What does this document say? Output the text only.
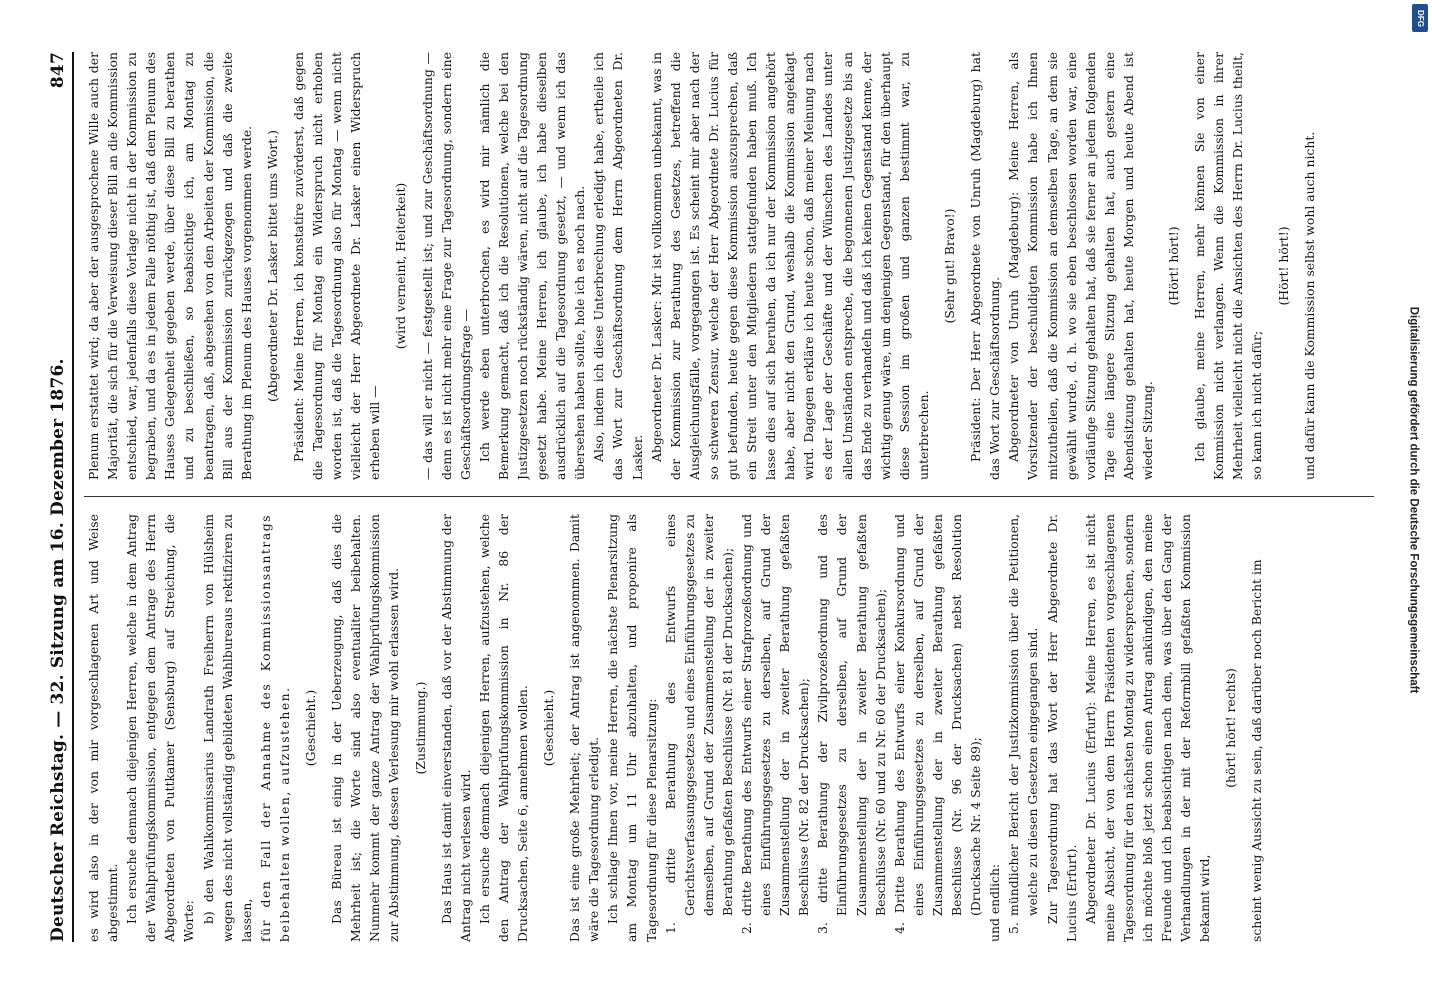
Deutscher Reichstag. — 32. Sitzung am 16. Dezember 1876.
847

es wird also in der von mir vorgeschlagenen Art und Weise abgestimmt. Ich ersuche demnach diejenigen Herren, welche in dem Antrag der Wahlprüfungskommission, entgegen dem Antrage des Herrn Abgeordneten von Puttkamer (Sensburg) auf Streichung, die Worte: b) den Wahlkommissarius Landrath Freiherrn von Hülsheim wegen des nicht vollständig gebildeten Wahlbureaus rektifiziren zu lassen, für den Fall der Annahme des Kommissionsantrags beibehalten wollen, aufzustehen. (Geschieht.) Das Büreau ist einig in der Ueberzeugung, daß dies die Mehrheit ist; die Worte sind also eventualiter beibehalten. Nunmehr kommt der ganze Antrag der Wahlprüfungskommission zur Abstimmung, dessen Verlesung mir wohl erlassen wird. (Zustimmung.) Das Haus ist damit einverstanden, daß vor der Abstimmung der Antrag nicht verlesen wird. Ich ersuche demnach diejenigen Herren, aufzustehen, welche den Antrag der Wahlprüfungskommission in Nr. 86 der Drucksachen, Seite 6, annehmen wollen. (Geschieht.) Das ist eine große Mehrheit; der Antrag ist angenommen. Damit wäre die Tagesordnung erledigt. Ich schlage Ihnen vor, meine Herren, die nächste Plenarsitzung am Montag um 11 Uhr abzuhalten, und proponire als Tagesordnung für diese Plenarsitzung: 1. dritte Berathung des Entwurfs eines Gerichtsverfassungsgesetzes und eines Einführungsgesetzes zu demselben, auf Grund der Zusammenstellung der in zweiter Berathung gefaßten Beschlüsse (Nr. 81 der Drucksachen); 2. dritte Berathung des Entwurfs einer Strafprozeßordnung und eines Einführungsgesetzes zu derselben, auf Grund der Zusammenstellung der in zweiter Berathung gefaßten Beschlüsse (Nr. 82 der Drucksachen); 3. dritte Berathung der Zivilprozeßordnung und des Einführungsgesetzes zu derselben, auf Grund der Zusammenstellung der in zweiter Berathung gefaßten Beschlüsse (Nr. 60 und zu Nr. 60 der Drucksachen); 4. Dritte Berathung des Entwurfs einer Konkursordnung und eines Einführungsgesetzes zu derselben, auf Grund der Zusammenstellung der in zweiter Berathung gefaßten Beschlüsse (Nr. 96 der Drucksachen) nebst Resolution (Drucksache Nr. 4 Seite 89); und endlich: 5. mündlicher Bericht der Justizkommission über die Petitionen, welche zu diesen Gesetzen eingegangen sind. Zur Tagesordnung hat das Wort der Herr Abgeordnete Dr. Lucius (Erfurt). Abgeordneter Dr. Lucius (Erfurt): Meine Herren, es ist nicht meine Absicht, der von dem Herrn Präsidenten vorgeschlagenen Tagesordnung für den nächsten Montag zu widersprechen, sondern ich möchte bloß jetzt schon einen Antrag ankündigen, den meine Freunde und ich beabsichtigen nach dem, was über den Gang der Verhandlungen in der mit der Reformbill gefaßten Kommission bekannt wird,

(hört! hört! rechts) scheint wenig Aussicht zu sein, daß darüber noch Bericht im

Plenum erstattet wird; da aber der ausgesprochene Wille auch der Majorität, die sich für die Verweisung dieser Bill an die Kommission entschied, war, jedenfalls diese Vorlage nicht in der Kommission zu begraben, und da es in jedem Falle nöthig ist, daß dem Plenum des Hauses Gelegenheit gegeben werde, über diese Bill zu berathen und zu beschließen, so beabsichtige ich, am Montag zu beantragen, daß, abgesehen von den Arbeiten der Kommission, die Bill aus der Kommission zurückgezogen und daß die zweite Berathung im Plenum des Hauses vorgenommen werde. (Abgeordneter Dr. Lasker bittet ums Wort.) Präsident: Meine Herren, ich konstatire zuvörderst, daß gegen die Tagesordnung für Montag ein Widerspruch nicht erhoben worden ist, daß die Tagesordnung also für Montag — wenn nicht vielleicht der Herr Abgeordnete Dr. Lasker einen Widerspruch erheben will —

(wird verneint, Heiterkeit) — das will er nicht — festgestellt ist; und zur Geschäftsordnung — denn es ist nicht mehr eine Frage zur Tagesordnung, sondern eine Geschäftsordnungsfrage — Ich werde eben unterbrochen, es wird mir nämlich die Bemerkung gemacht, daß ich die Resolutionen, welche bei den Justizgesetzen noch rückständig wären, nicht auf die Tagesordnung gesetzt habe. Meine Herren, ich glaube, ich habe dieselben ausdrücklich auf die Tagesordnung gesetzt, — und wenn ich das übersehen haben sollte, hole ich es noch nach. Also, indem ich diese Unterbrechung erledigt habe, ertheile ich das Wort zur Geschäftsordnung dem Herrn Abgeordneten Dr. Lasker. Abgeordneter Dr. Lasker: Mir ist vollkommen unbekannt, was in der Kommission zur Berathung des Gesetzes, betreffend die Ausgleichungsfälle, vorgegangen ist. Es scheint mir aber nach der so schweren Zensur, welche der Herr Abgeordnete Dr. Lucius für gut befunden, heute gegen diese Kommission auszusprechen, daß ein Streit unter den Mitgliedern stattgefunden haben muß. Ich lasse dies auf sich beruhen, da ich nur der Kommission angehört habe, aber nicht den Grund, weshalb die Kommission angeklagt wird. Dagegen erkläre ich heute schon, daß meiner Meinung nach es der Lage der Geschäfte und der Wünschen des Landes unter allen Umständen entspreche, die begonnenen Justizgesetze bis an das Ende zu verhandeln und daß ich keinen Gegenstand kenne, der wichtig genug wäre, um denjenigen Gegenstand, für den überhaupt diese Session im großen und ganzen bestimmt war, zu unterbrechen.

(Sehr gut! Bravo!) Präsident: Der Herr Abgeordnete von Unruh (Magdeburg) hat das Wort zur Geschäftsordnung. Abgeordneter von Unruh (Magdeburg): Meine Herren, als Vorsitzender der beschuldigten Kommission habe ich Ihnen mitzutheilen, daß die Kommission an demselben Tage, an dem sie gewählt wurde, d. h. wo sie eben beschlossen worden war, eine vorläufige Sitzung gehalten hat, daß sie ferner an jedem folgenden Tage eine längere Sitzung gehalten hat, auch gestern eine Abendsitzung gehalten hat, heute Morgen und heute Abend ist wieder Sitzung.

(Hört! hört!) Ich glaube, meine Herren, mehr können Sie von einer Kommission nicht verlangen. Wenn die Kommission in ihrer Mehrheit vielleicht nicht die Ansichten des Herrn Dr. Lucius theilt, so kann ich nicht dafür;

(Hört! hört!) und dafür kann die Kommission selbst wohl auch nicht.

Digitalisierung gefördert durch die Deutsche Forschungsgemeinschaft
DFG
